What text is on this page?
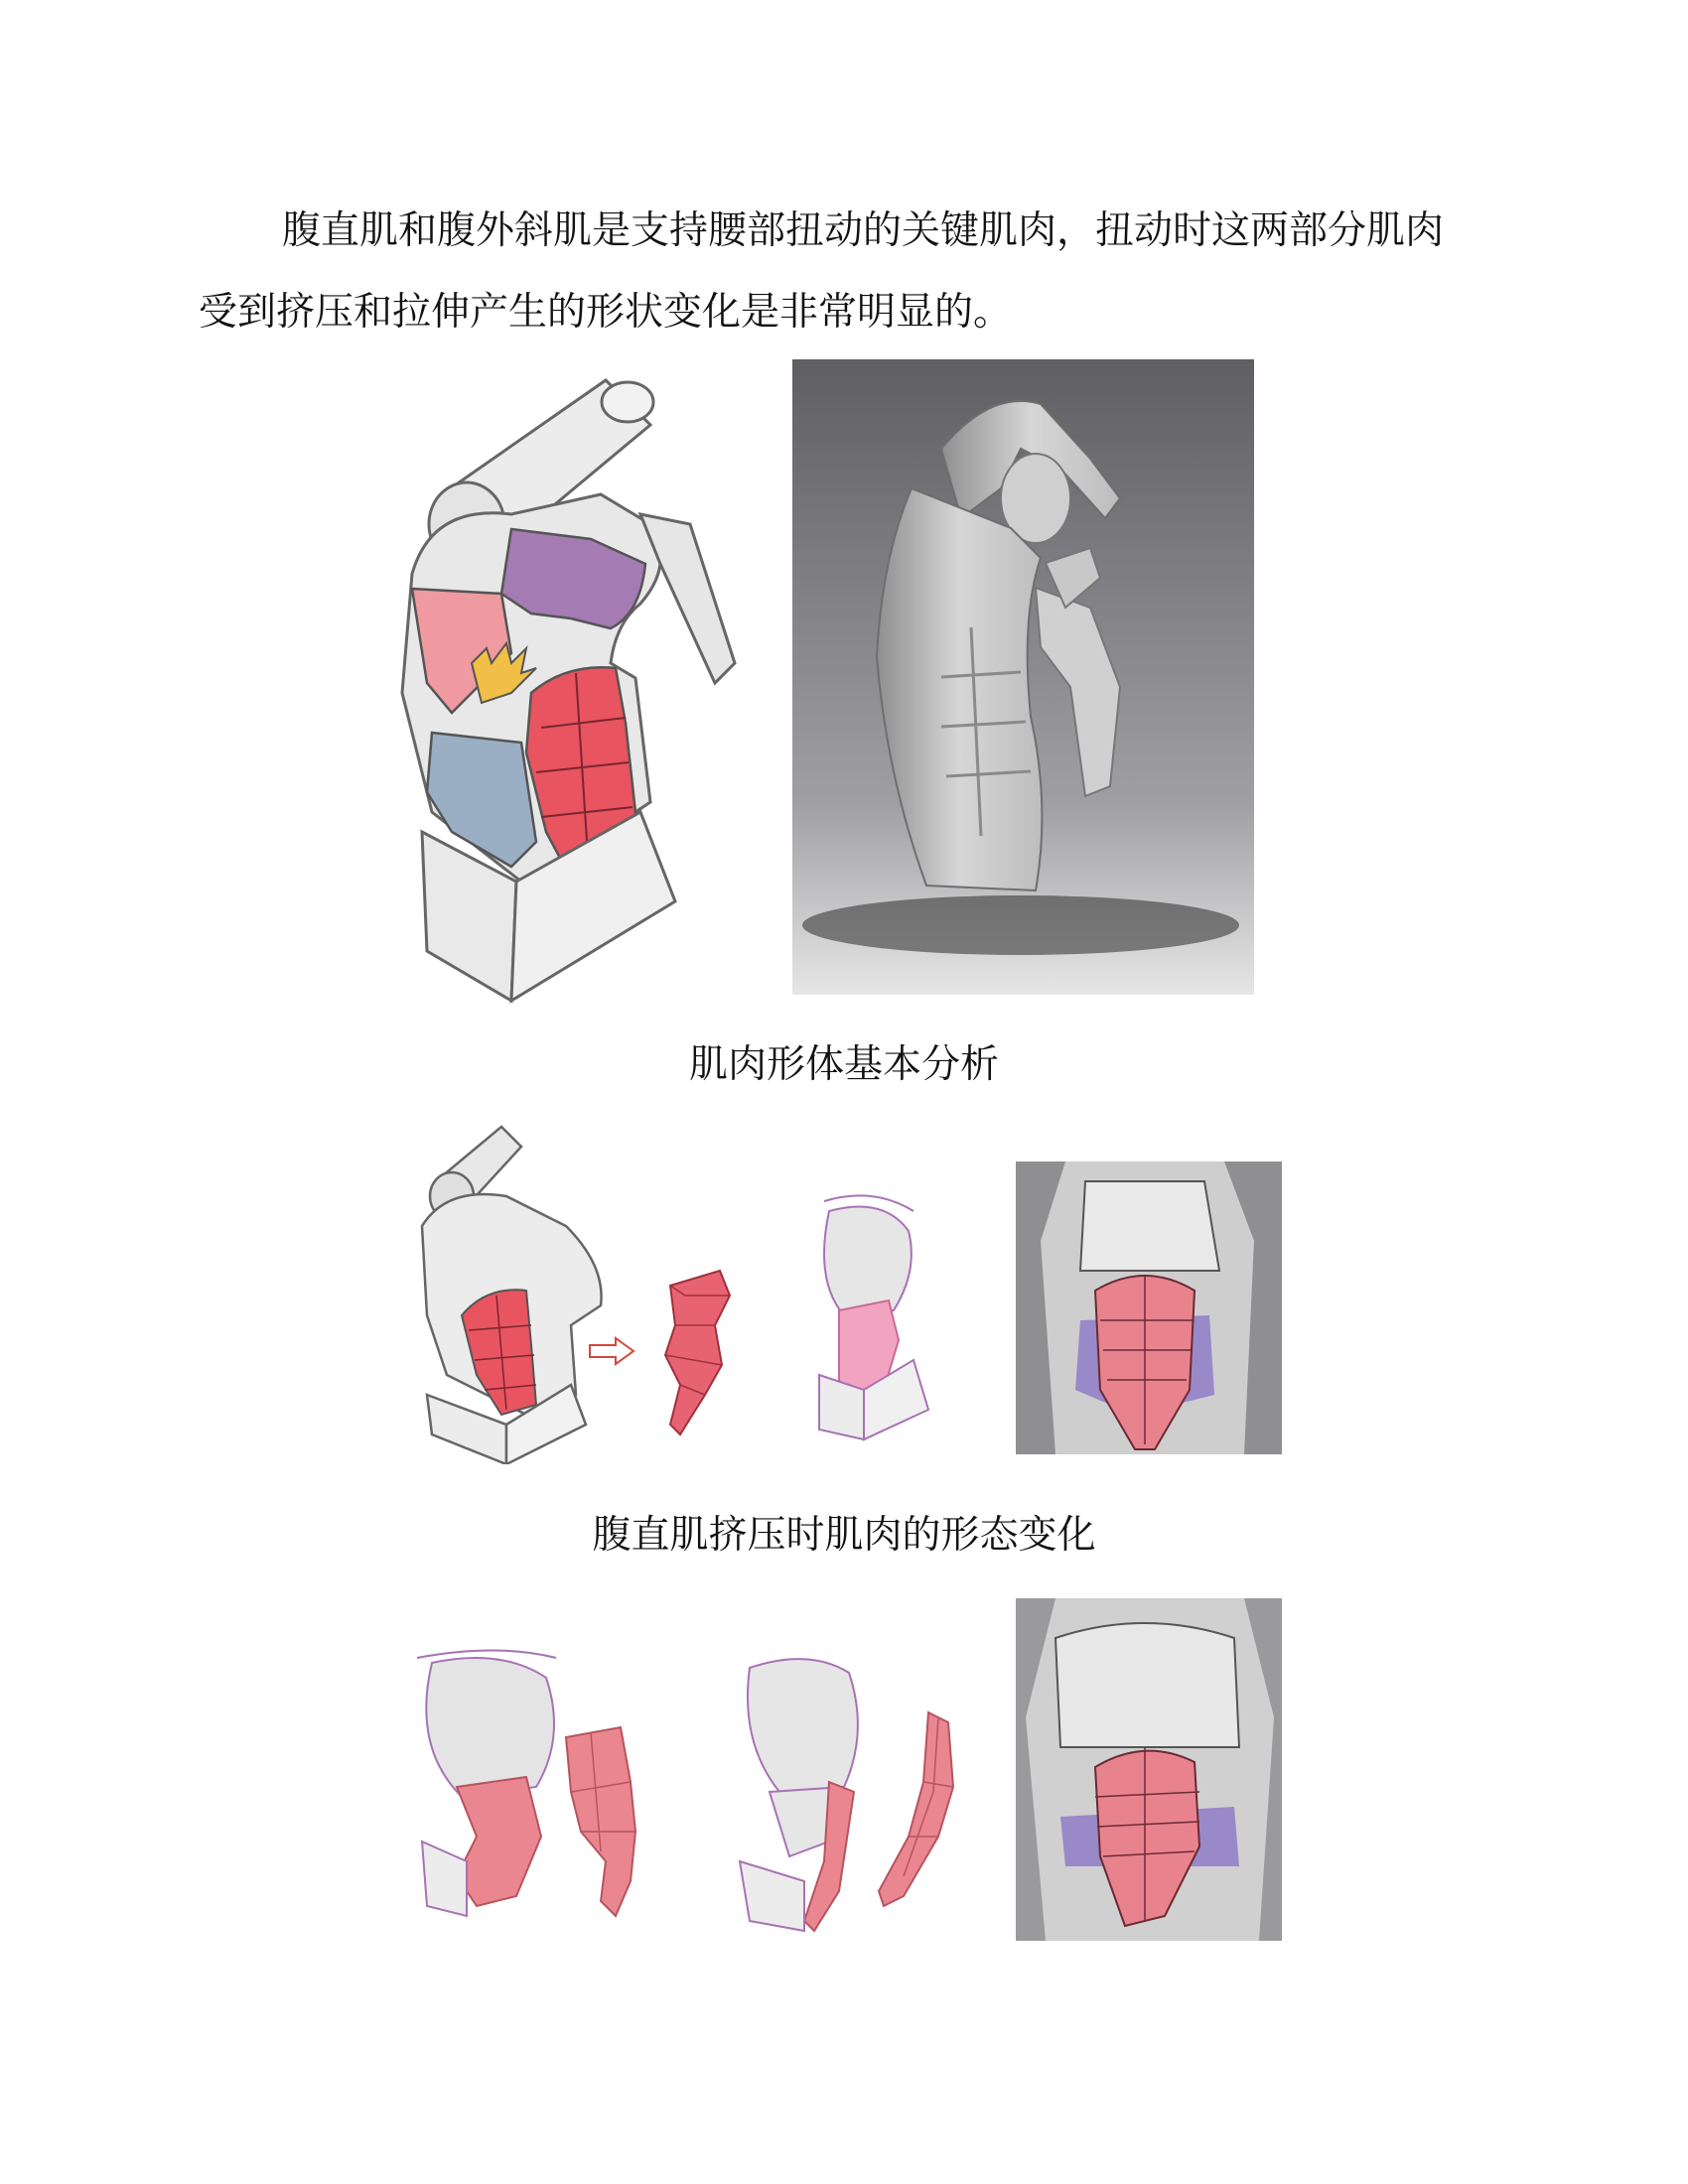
腹直肌和腹外斜肌是支持腰部扭动的关键肌肉，扭动时这两部分肌肉受到挤压和拉伸产生的形状变化是非常明显的。

肌肉形体基本分析

腹直肌挤压时肌肉的形态变化
